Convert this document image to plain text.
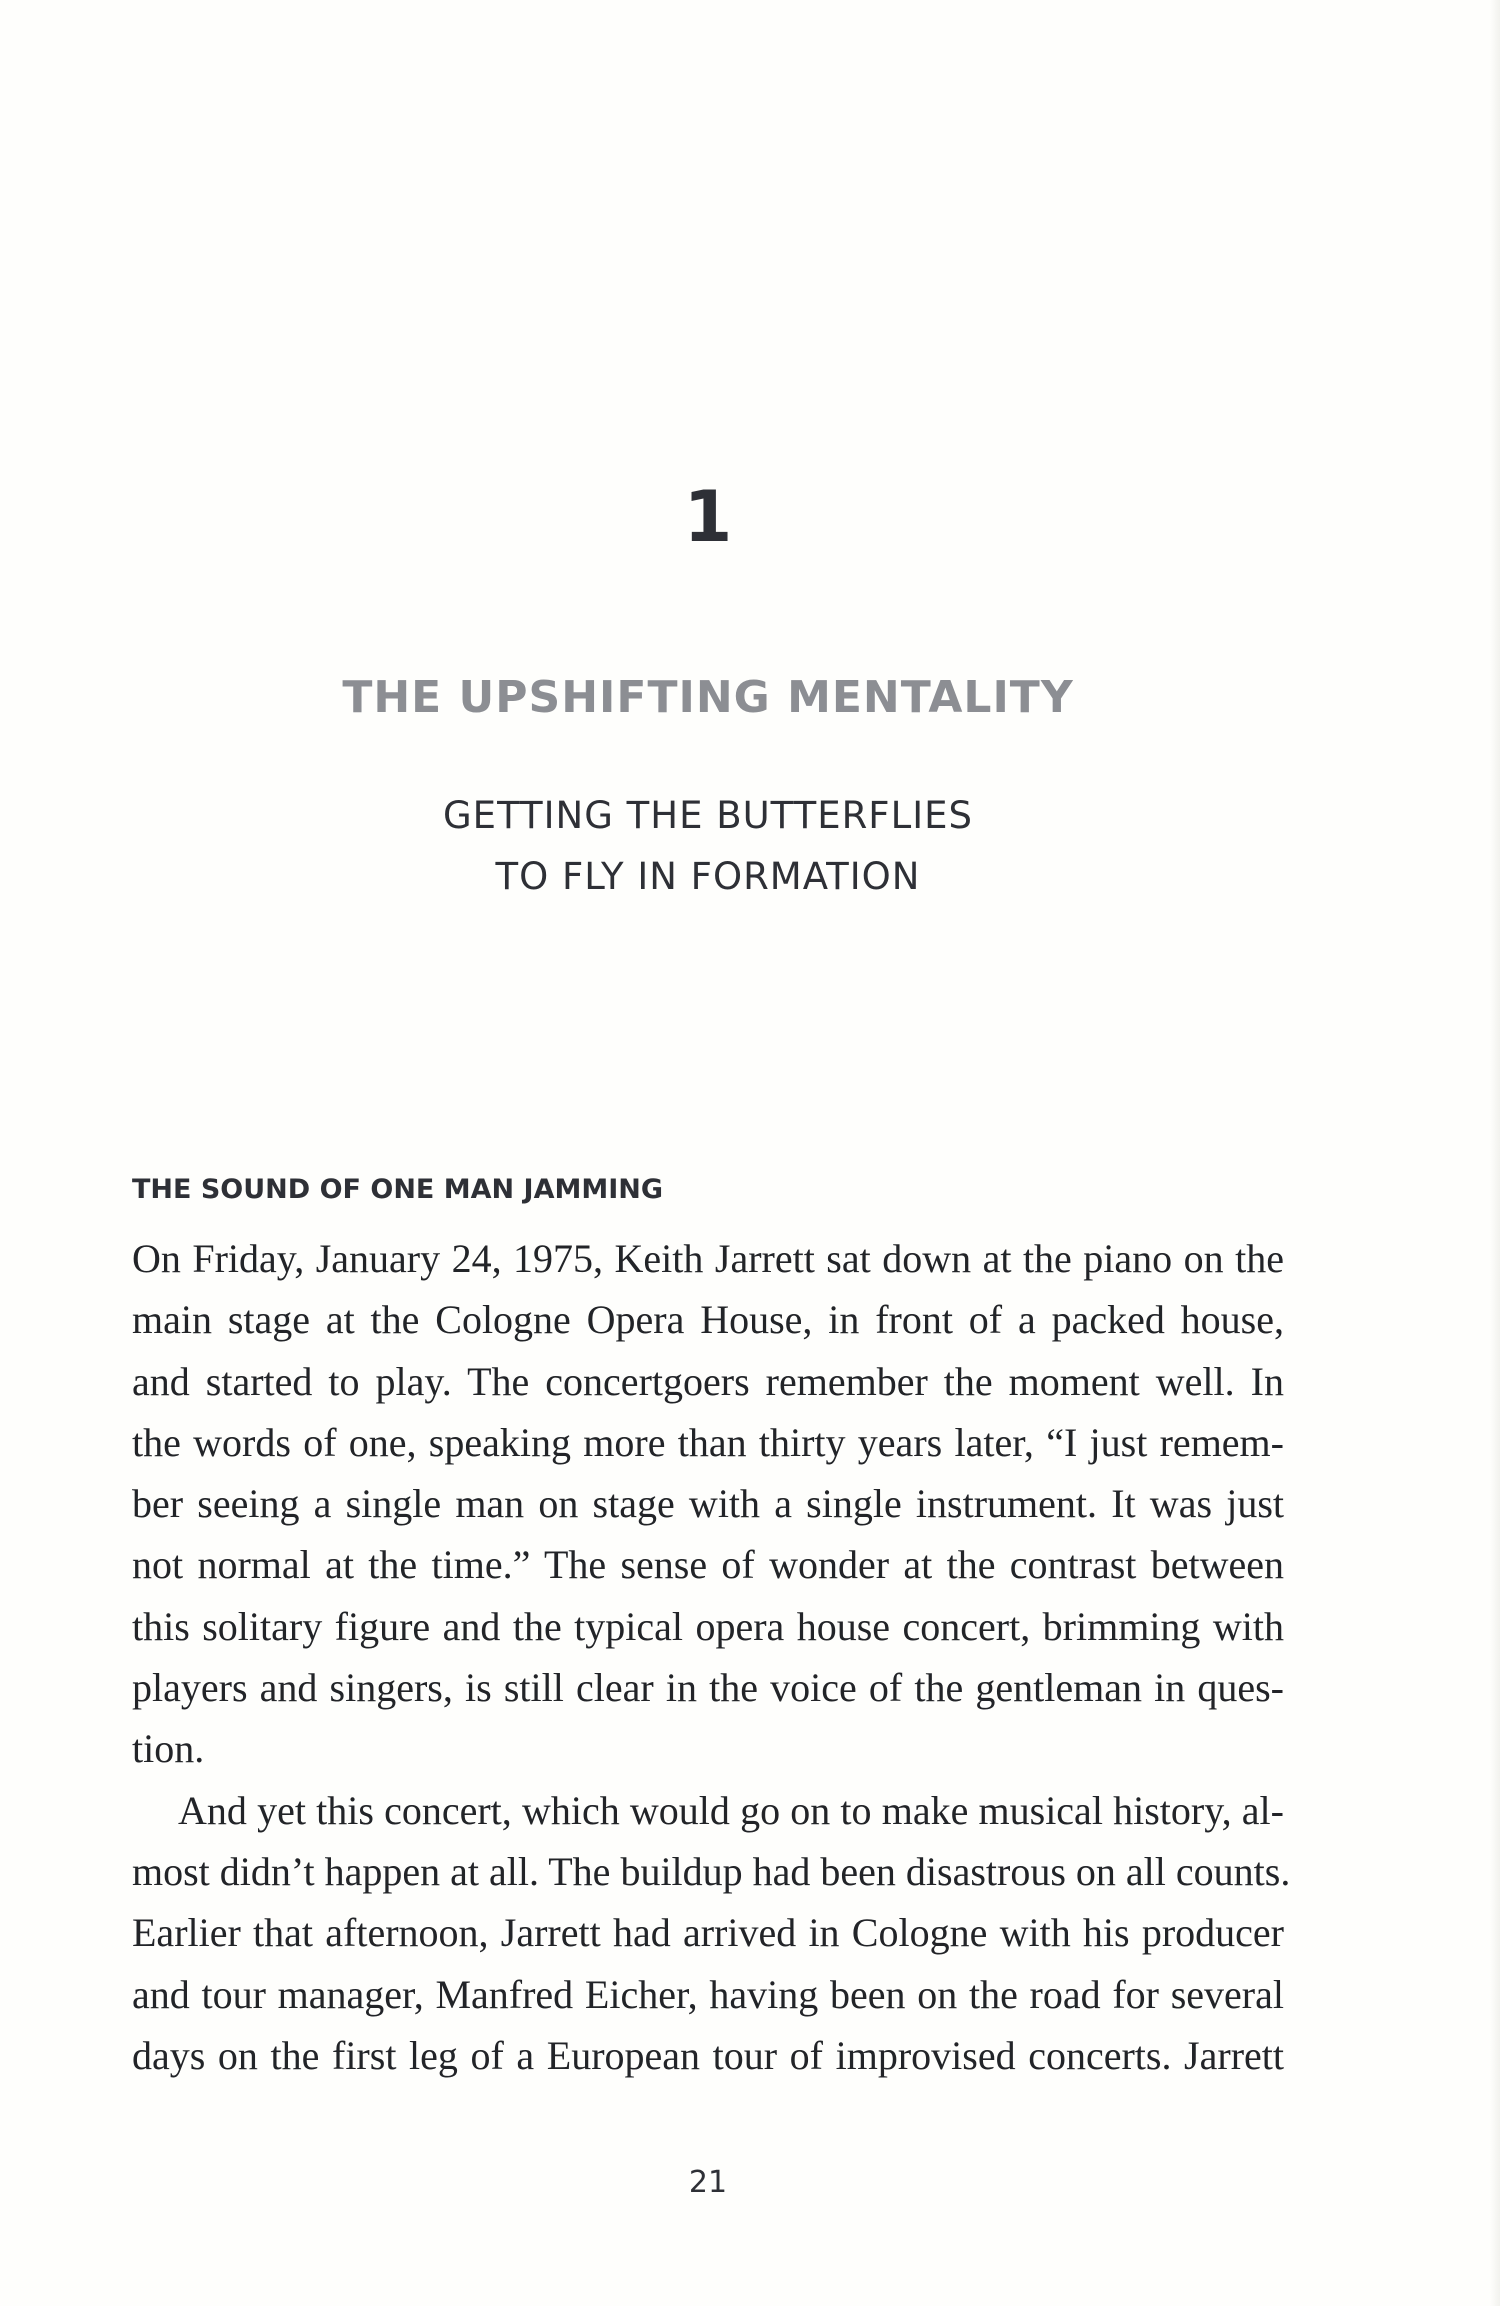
1
THE UPSHIFTING MENTALITY
GETTING THE BUTTERFLIES
TO FLY IN FORMATION
THE SOUND OF ONE MAN JAMMING
On Friday, January 24, 1975, Keith Jarrett sat down at the piano on the
main stage at the Cologne Opera House, in front of a packed house,
and started to play. The concertgoers remember the moment well. In
the words of one, speaking more than thirty years later, “I just remem-
ber seeing a single man on stage with a single instrument. It was just
not normal at the time.” The sense of wonder at the contrast between
this solitary figure and the typical opera house concert, brimming with
players and singers, is still clear in the voice of the gentleman in ques-
tion.
And yet this concert, which would go on to make musical history, al-
most didn’t happen at all. The buildup had been disastrous on all counts.
Earlier that afternoon, Jarrett had arrived in Cologne with his producer
and tour manager, Manfred Eicher, having been on the road for several
days on the first leg of a European tour of improvised concerts. Jarrett
21
